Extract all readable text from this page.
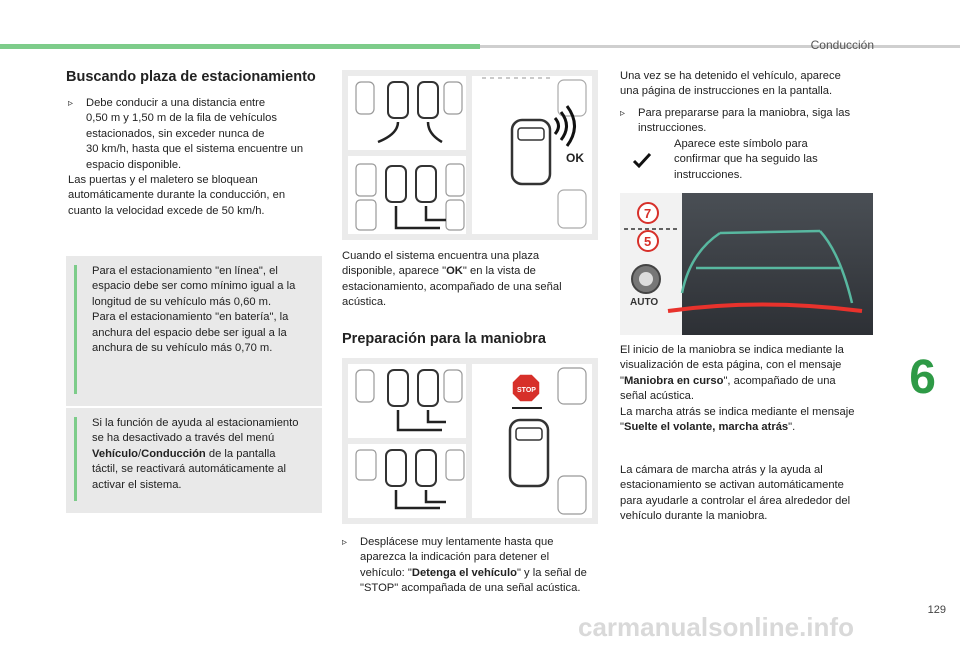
Conducción
6
129
Buscando plaza de estacionamiento
▹ Debe conducir a una distancia entre
0,50 m y 1,50 m de la fila de vehículos
estacionados, sin exceder nunca de
30 km/h, hasta que el sistema encuentre un
espacio disponible.
Las puertas y el maletero se bloquean
automáticamente durante la conducción, en
cuanto la velocidad excede de 50 km/h.
Para el estacionamiento "en línea", el
espacio debe ser como mínimo igual a la
longitud de su vehículo más 0,60 m.
Para el estacionamiento "en batería", la
anchura del espacio debe ser igual a la
anchura de su vehículo más 0,70 m.
Si la función de ayuda al estacionamiento
se ha desactivado a través del menú
Vehículo/Conducción de la pantalla
táctil, se reactivará automáticamente al
activar el sistema.
OK
Cuando el sistema encuentra una plaza
disponible, aparece "OK" en la vista de
estacionamiento, acompañado de una señal
acústica.
Preparación para la maniobra
STOP
▹ Desplácese muy lentamente hasta que
aparezca la indicación para detener el
vehículo: "Detenga el vehículo" y la señal de
"STOP" acompañada de una señal acústica.
Una vez se ha detenido el vehículo, aparece
una página de instrucciones en la pantalla.
▹ Para prepararse para la maniobra, siga las
instrucciones.
Aparece este símbolo para
confirmar que ha seguido las
instrucciones.
7
5
AUTO
El inicio de la maniobra se indica mediante la
visualización de esta página, con el mensaje
"Maniobra en curso", acompañado de una
señal acústica.
La marcha atrás se indica mediante el mensaje
"Suelte el volante, marcha atrás".
La cámara de marcha atrás y la ayuda al
estacionamiento se activan automáticamente
para ayudarle a controlar el área alrededor del
vehículo durante la maniobra.
carmanualsonline.info
